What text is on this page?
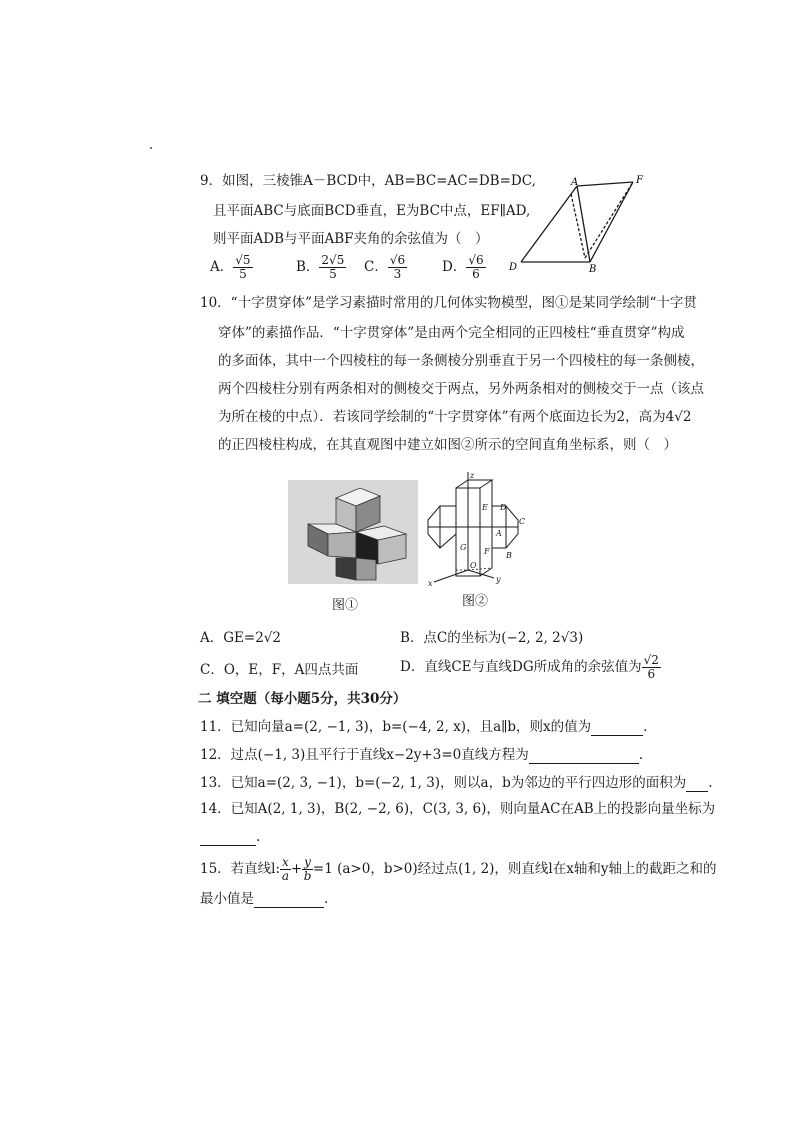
9．如图，三棱锥A－BCD中，AB=BC=AC=DB=DC,
且平面ABC与底面BCD垂直，E为BC中点，EF∥AD,
则平面ADB与平面ABF夹角的余弦值为（　）
A． $\frac{√5}{5}$	B． $\frac{2√5}{5}$ C． $\frac{√6}{3}$	D． $\frac{√6}{6}$
A	F
D	B
10．“十字贯穿体”是学习素描时常用的几何体实物模型，图①是某同学绘制“十字贯
穿体”的素描作品．“十字贯穿体”是由两个完全相同的正四棱柱“垂直贯穿”构成
的多面体，其中一个四棱柱的每一条侧棱分别垂直于另一个四棱柱的每一条侧棱，
两个四棱柱分别有两条相对的侧棱交于两点，另外两条相对的侧棱交于一点（该点
为所在棱的中点）．若该同学绘制的“十字贯穿体”有两个底面边长为2，高为4√2
的正四棱柱构成，在其直观图中建立如图②所示的空间直角坐标系，则（　）
图①
z
x	y
E D
C
A
G
O
F B
图②
A．GE=2√2	B．点C的坐标为(−2, 2, 2√3)
C．O，E，F，A四点共面	D．直线CE与直线DG所成角的余弦值为 $\frac{√2}{6}$
二 填空题（每小题5分，共30分）
11．已知向量a=(2, −1, 3)，b=(−4, 2, x)，且a∥b，则x的值为	.
12．过点(−1, 3)且平行于直线x−2y+3=0直线方程为	.
13．已知a=(2, 3, −1)，b=(−2, 1, 3)，则以a，b为邻边的平行四边形的面积为 .
14．已知A(2, 1, 3)，B(2, −2, 6)，C(3, 3, 6)，则向量AC在AB上的投影向量坐标为
.
15．若直线l: $\frac{x}{a} + \frac{y}{b} =1$ (a>0，b>0)经过点(1, 2)，则直线l在x轴和y轴上的截距之和的
最小值是	.
